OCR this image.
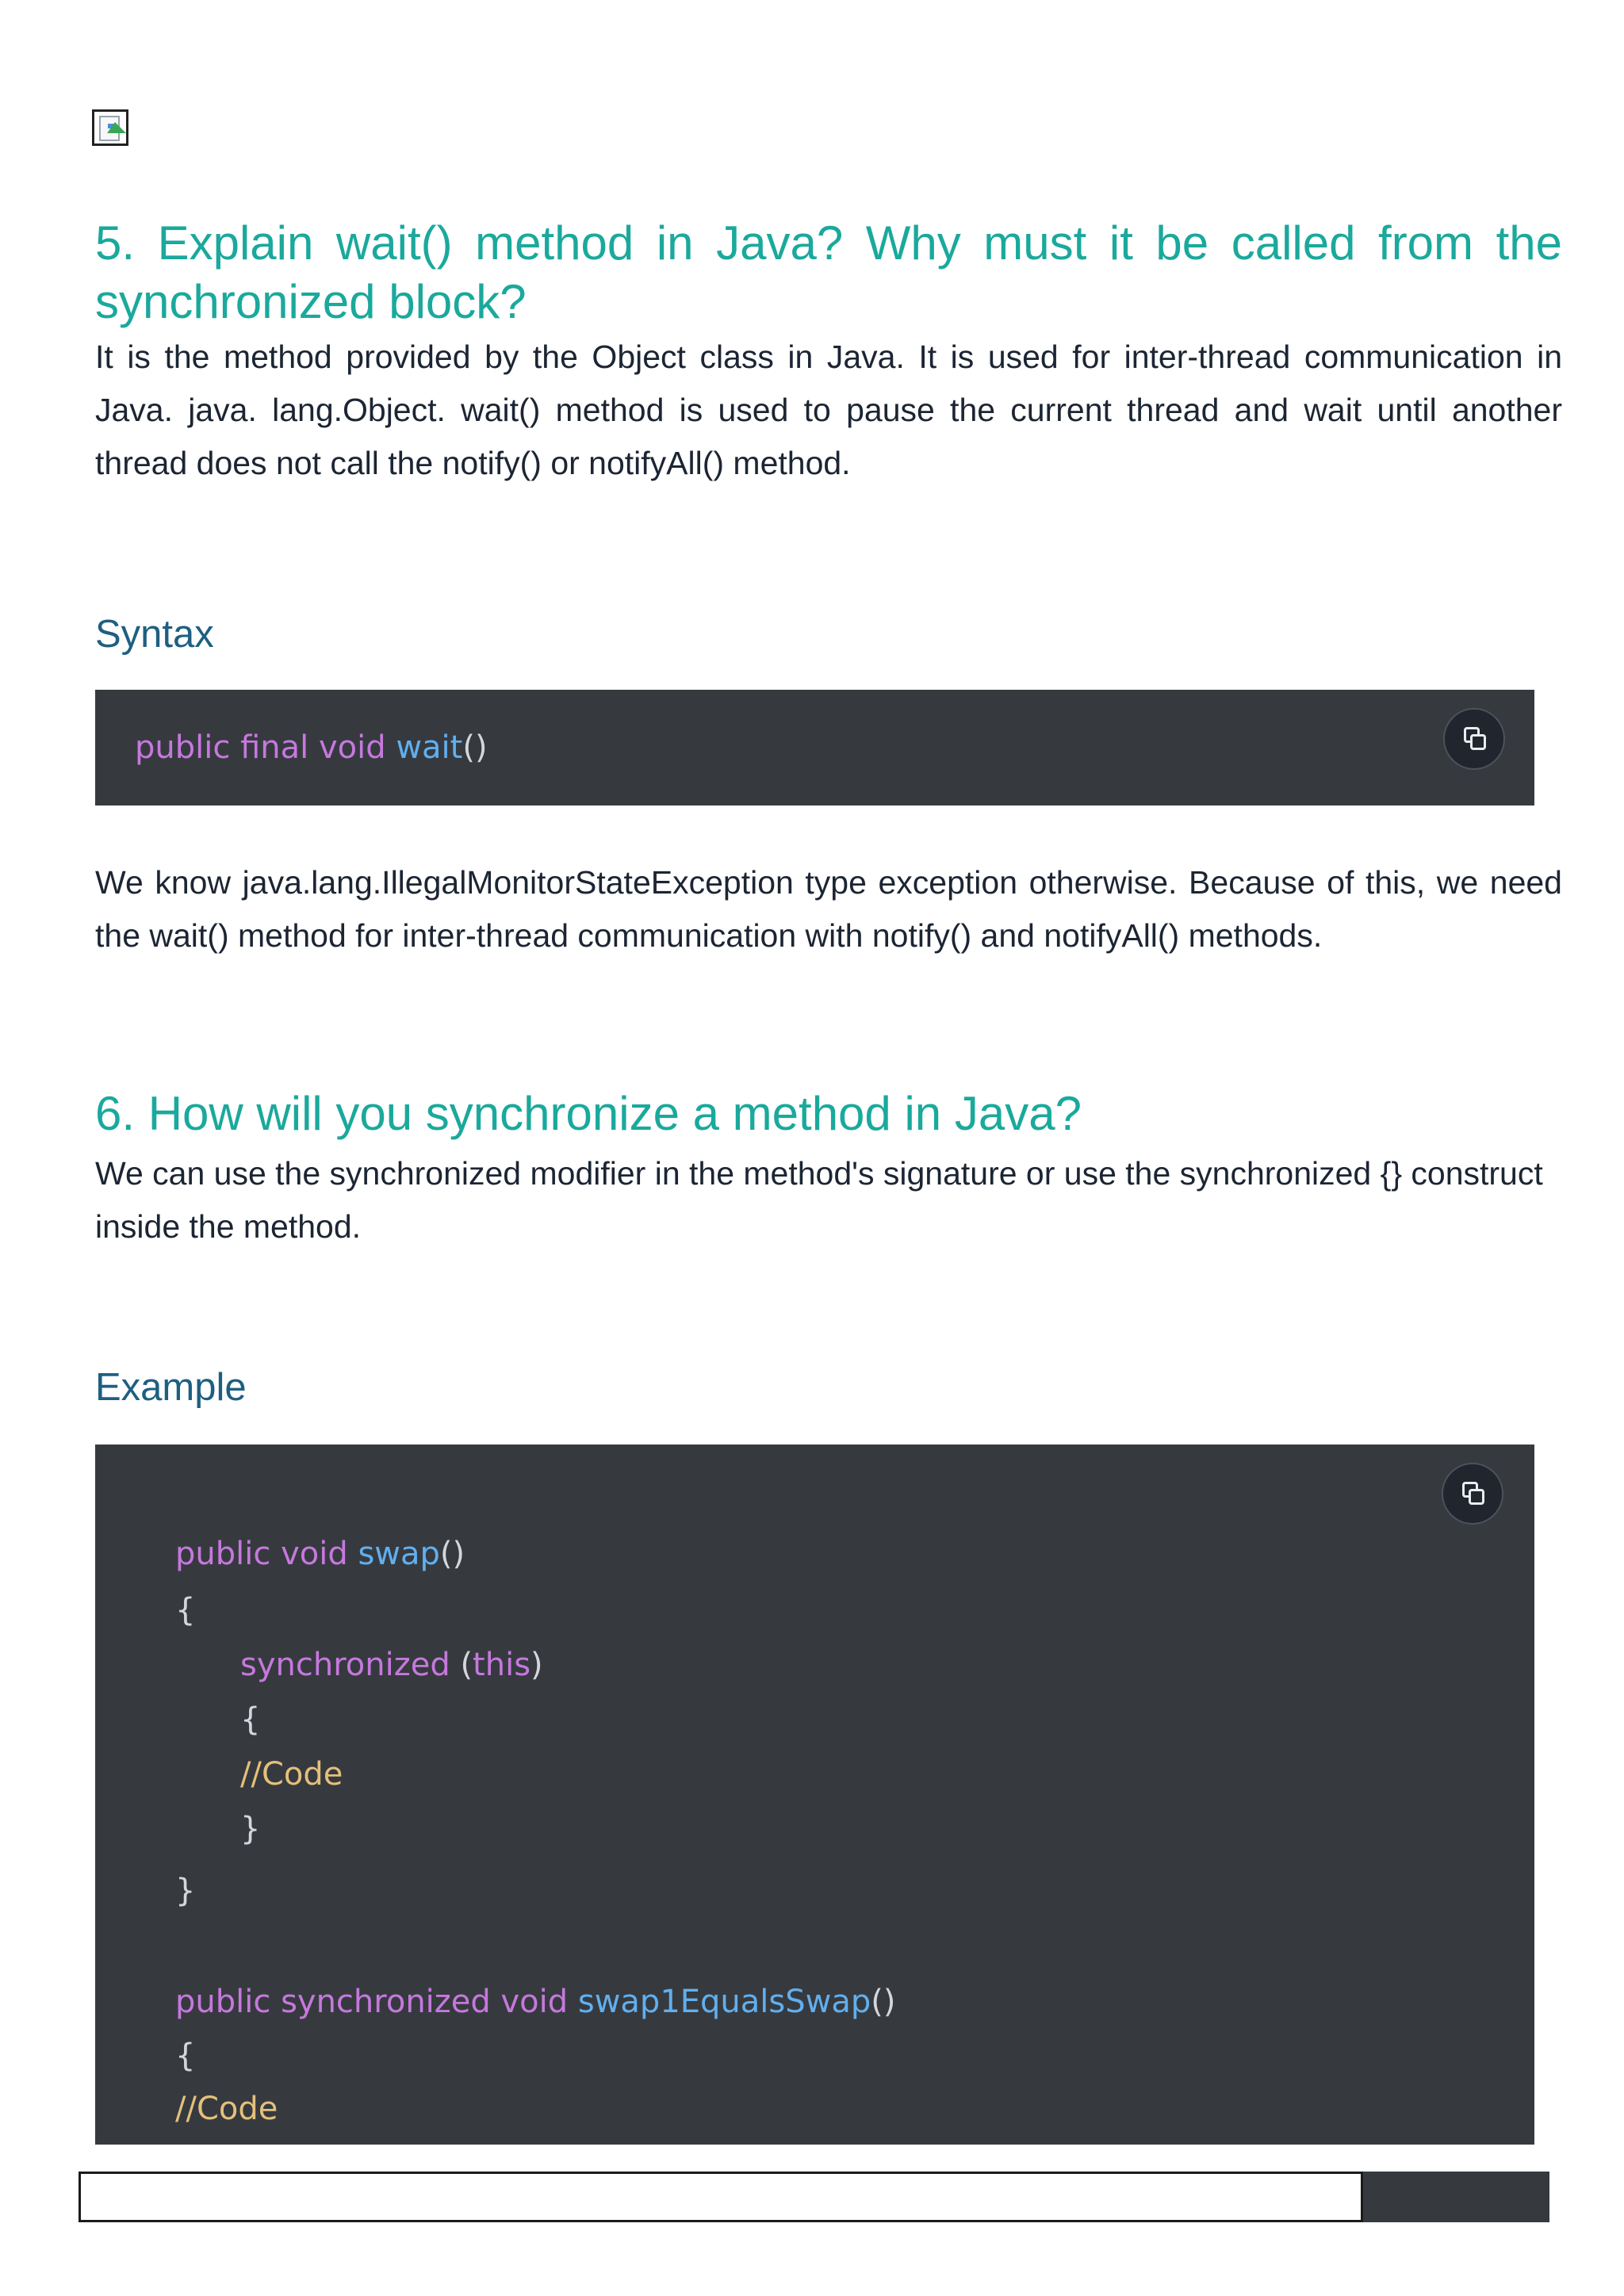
5. Explain wait() method in Java? Why must it be called from the synchronized block?

It is the method provided by the Object class in Java. It is used for inter-thread communication in Java. java. lang.Object. wait() method is used to pause the current thread and wait until another thread does not call the notify() or notifyAll() method.

Syntax
public final void wait()

We know java.lang.IllegalMonitorStateException type exception otherwise. Because of this, we need the wait() method for inter-thread communication with notify() and notifyAll() methods.

6. How will you synchronize a method in Java?

We can use the synchronized modifier in the method's signature or use the synchronized {} construct inside the method.

Example
public void swap()
{
synchronized (this)
{
//Code
}
}
public synchronized void swap1EqualsSwap()
{
//Code
